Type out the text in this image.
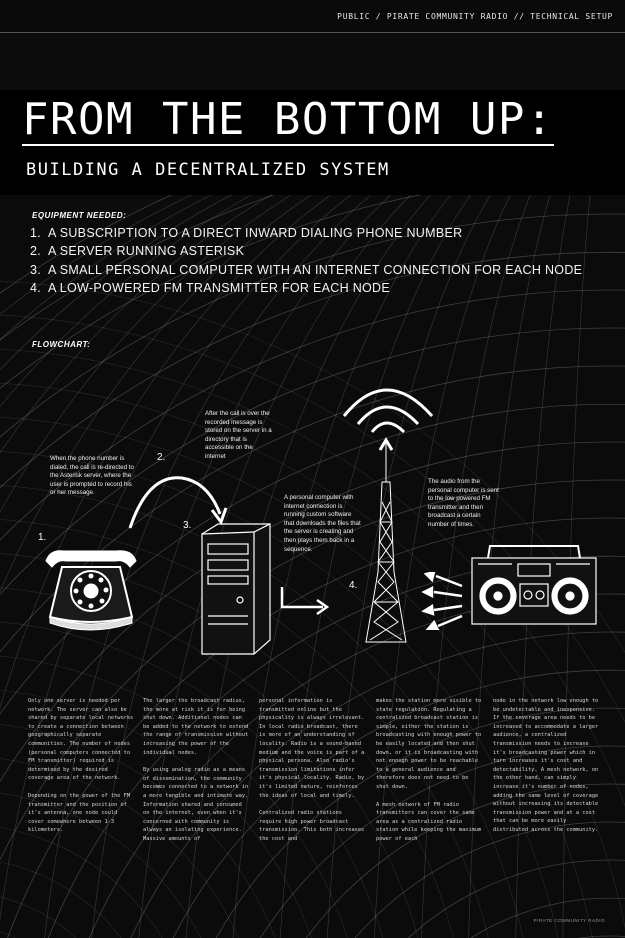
PUBLIC / PIRATE COMMUNITY RADIO // TECHNICAL SETUP
FROM THE BOTTOM UP:
BUILDING A DECENTRALIZED SYSTEM
EQUIPMENT NEEDED:
1. A SUBSCRIPTION TO A DIRECT INWARD DIALING PHONE NUMBER
2. A SERVER RUNNING ASTERISK
3. A SMALL PERSONAL COMPUTER WITH AN INTERNET CONNECTION FOR EACH NODE
4. A LOW-POWERED FM TRANSMITTER FOR EACH NODE
FLOWCHART:
1.
When the phone number is dialed, the call is re-directed to the Asterisk server, where the user is prompted to record his or her message.
2.
After the call is over the recorded message is stored on the server in a directory that is accessible on the internet
3.
A personal computer with internet connection is running custom software that downloads the files that the server is creating and then plays them back in a sequence.
4.
The audio from the personal computer is sent to the low powered FM transmitter and then broadcast a certain number of times.

Only one server is needed per network. The server can also be shared by separate local networks to create a connection between geographically separate communities. The number of nodes (personal computers connected to FM transmitter) required is determined by the desired coverage area of the network.

Depending on the power of the FM transmitter and the position of it's antenna, one node could cover somewhere between 1-3 kilometers.

The larger the broadcast radius, the more at risk it is for being shut down. Additional nodes can be added to the network to extend the range of transmission without increasing the power of the individual nodes.

By using analog radio as a means of dissemination, the community becomes connected to a network in a more tangible and intimate way. Information shared and consumed on the internet, even when it's concerned with community is always an isolating experience. Massive amounts of

personal information is transmitted online but the physicality is always irrelevant. In local radio broadcast, there is more of an understanding of locality. Radio is a sound-based medium and the voice is part of a physical persona. Also radio's transmission limitations infer it's physical locality. Radio, by it's limited nature, reinforces the ideas of local and timely.

Centralized radio stations require high power broadcast transmission. This both increases the cost and

makes the station more visible to state regulation. Regulating a centralized broadcast station is simple, either the station is broadcasting with enough power to be easily located and then shut down, or it is broadcasting with not enough power to be reachable to a general audience and therefore does not need to be shut down.

A mesh network of FM radio transmitters can cover the same area as a centralized radio station while keeping the maximum power of each

node in the network low enough to be undetectable and inexpensive. If the coverage area needs to be increased to accommodate a larger audience, a centralized transmission needs to increase it's broadcasting power which in turn increases it's cost and detectability. A mesh network, on the other hand, can simply increase it's number of nodes, adding the same level of coverage without increasing its detectable transmission power and at a cost that can be more easily distributed across the community.

PIRATE COMMUNITY RADIO
